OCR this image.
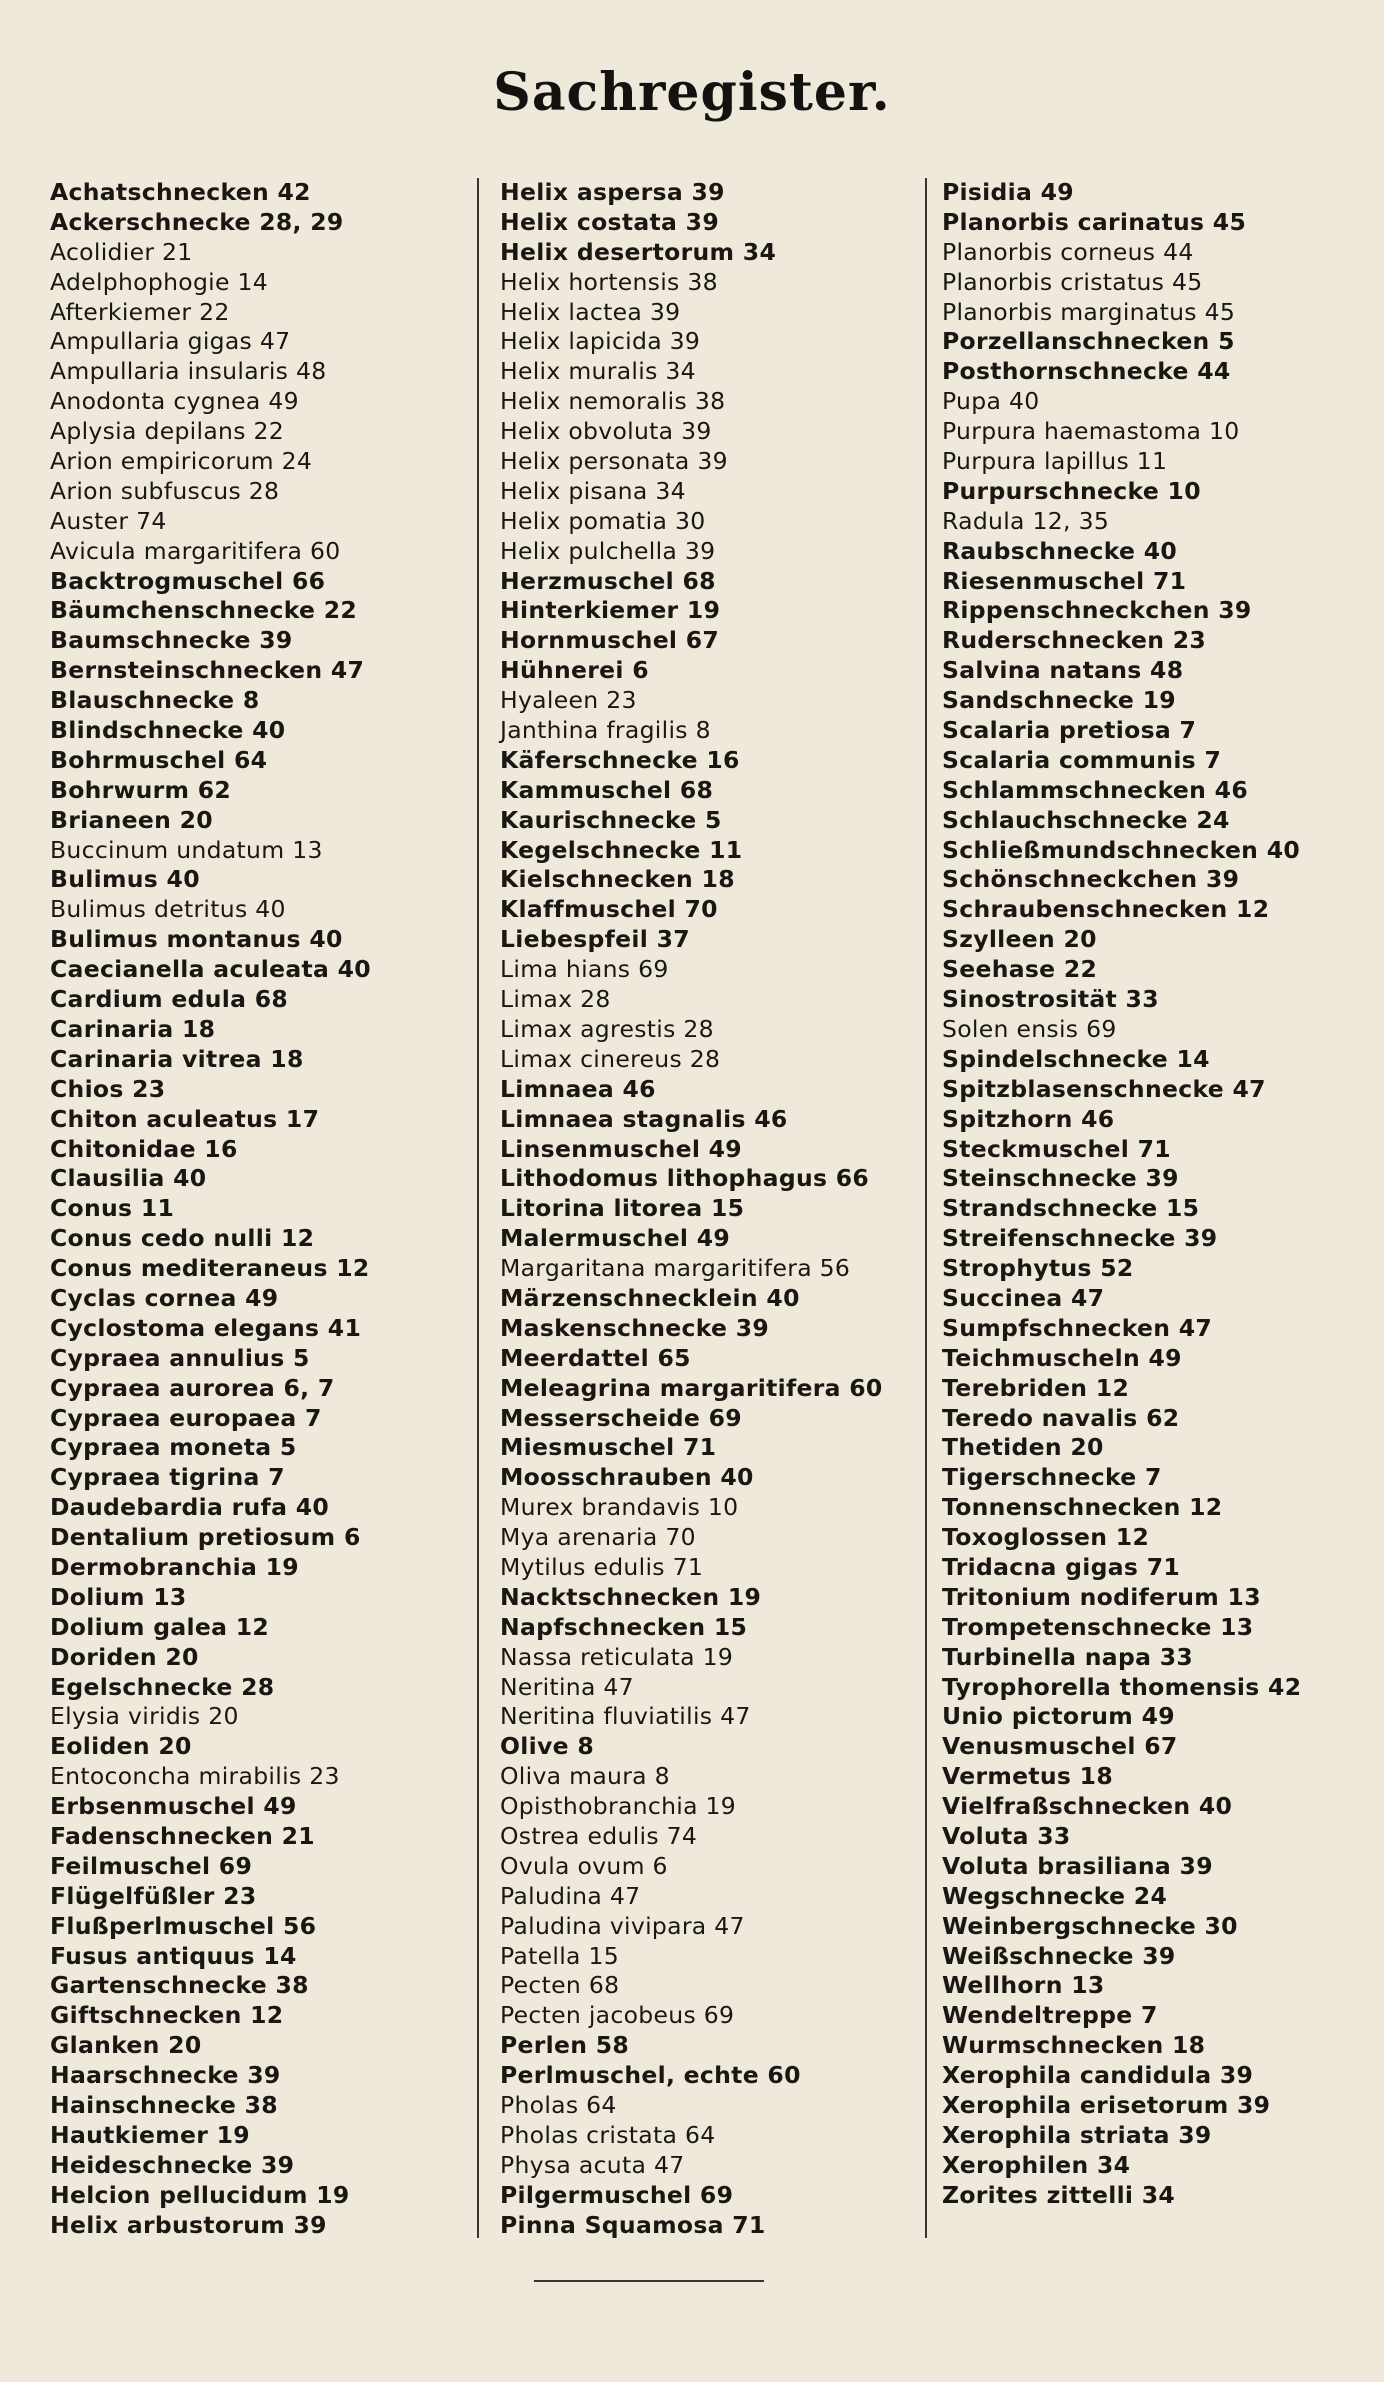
Sachregister.
Achatschnecken 42
Ackerschnecke 28, 29
Acolidier 21
Adelphophogie 14
Afterkiemer 22
Ampullaria gigas 47
Ampullaria insularis 48
Anodonta cygnea 49
Aplysia depilans 22
Arion empiricorum 24
Arion subfuscus 28
Auster 74
Avicula margaritifera 60
Backtrogmuschel 66
Bäumchenschnecke 22
Baumschnecke 39
Bernsteinschnecken 47
Blauschnecke 8
Blindschnecke 40
Bohrmuschel 64
Bohrwurm 62
Brianeen 20
Buccinum undatum 13
Bulimus 40
Bulimus detritus 40
Bulimus montanus 40
Caecianella aculeata 40
Cardium edula 68
Carinaria 18
Carinaria vitrea 18
Chios 23
Chiton aculeatus 17
Chitonidae 16
Clausilia 40
Conus 11
Conus cedo nulli 12
Conus mediteraneus 12
Cyclas cornea 49
Cyclostoma elegans 41
Cypraea annulius 5
Cypraea aurorea 6, 7
Cypraea europaea 7
Cypraea moneta 5
Cypraea tigrina 7
Daudebardia rufa 40
Dentalium pretiosum 6
Dermobranchia 19
Dolium 13
Dolium galea 12
Doriden 20
Egelschnecke 28
Elysia viridis 20
Eoliden 20
Entoconcha mirabilis 23
Erbsenmuschel 49
Fadenschnecken 21
Feilmuschel 69
Flügelfüßler 23
Flußperlmuschel 56
Fusus antiquus 14
Gartenschnecke 38
Giftschnecken 12
Glanken 20
Haarschnecke 39
Hainschnecke 38
Hautkiemer 19
Heideschnecke 39
Helcion pellucidum 19
Helix arbustorum 39
Helix aspersa 39
Helix costata 39
Helix desertorum 34
Helix hortensis 38
Helix lactea 39
Helix lapicida 39
Helix muralis 34
Helix nemoralis 38
Helix obvoluta 39
Helix personata 39
Helix pisana 34
Helix pomatia 30
Helix pulchella 39
Herzmuschel 68
Hinterkiemer 19
Hornmuschel 67
Hühnerei 6
Hyaleen 23
Janthina fragilis 8
Käferschnecke 16
Kammuschel 68
Kaurischnecke 5
Kegelschnecke 11
Kielschnecken 18
Klaffmuschel 70
Liebespfeil 37
Lima hians 69
Limax 28
Limax agrestis 28
Limax cinereus 28
Limnaea 46
Limnaea stagnalis 46
Linsenmuschel 49
Lithodomus lithophagus 66
Litorina litorea 15
Malermuschel 49
Margaritana margaritifera 56
Märzenschnecklein 40
Maskenschnecke 39
Meerdattel 65
Meleagrina margaritifera 60
Messerscheide 69
Miesmuschel 71
Moosschrauben 40
Murex brandavis 10
Mya arenaria 70
Mytilus edulis 71
Nacktschnecken 19
Napfschnecken 15
Nassa reticulata 19
Neritina 47
Neritina fluviatilis 47
Olive 8
Oliva maura 8
Opisthobranchia 19
Ostrea edulis 74
Ovula ovum 6
Paludina 47
Paludina vivipara 47
Patella 15
Pecten 68
Pecten jacobeus 69
Perlen 58
Perlmuschel, echte 60
Pholas 64
Pholas cristata 64
Physa acuta 47
Pilgermuschel 69
Pinna Squamosa 71
Pisidia 49
Planorbis carinatus 45
Planorbis corneus 44
Planorbis cristatus 45
Planorbis marginatus 45
Porzellanschnecken 5
Posthornschnecke 44
Pupa 40
Purpura haemastoma 10
Purpura lapillus 11
Purpurschnecke 10
Radula 12, 35
Raubschnecke 40
Riesenmuschel 71
Rippenschneckchen 39
Ruderschnecken 23
Salvina natans 48
Sandschnecke 19
Scalaria pretiosa 7
Scalaria communis 7
Schlammschnecken 46
Schlauchschnecke 24
Schließmundschnecken 40
Schönschneckchen 39
Schraubenschnecken 12
Szylleen 20
Seehase 22
Sinostrosität 33
Solen ensis 69
Spindelschnecke 14
Spitzblasenschnecke 47
Spitzhorn 46
Steckmuschel 71
Steinschnecke 39
Strandschnecke 15
Streifenschnecke 39
Strophytus 52
Succinea 47
Sumpfschnecken 47
Teichmuscheln 49
Terebriden 12
Teredo navalis 62
Thetiden 20
Tigerschnecke 7
Tonnenschnecken 12
Toxoglossen 12
Tridacna gigas 71
Tritonium nodiferum 13
Trompetenschnecke 13
Turbinella napa 33
Tyrophorella thomensis 42
Unio pictorum 49
Venusmuschel 67
Vermetus 18
Vielfraßschnecken 40
Voluta 33
Voluta brasiliana 39
Wegschnecke 24
Weinbergschnecke 30
Weißschnecke 39
Wellhorn 13
Wendeltreppe 7
Wurmschnecken 18
Xerophila candidula 39
Xerophila erisetorum 39
Xerophila striata 39
Xerophilen 34
Zorites zittelli 34
